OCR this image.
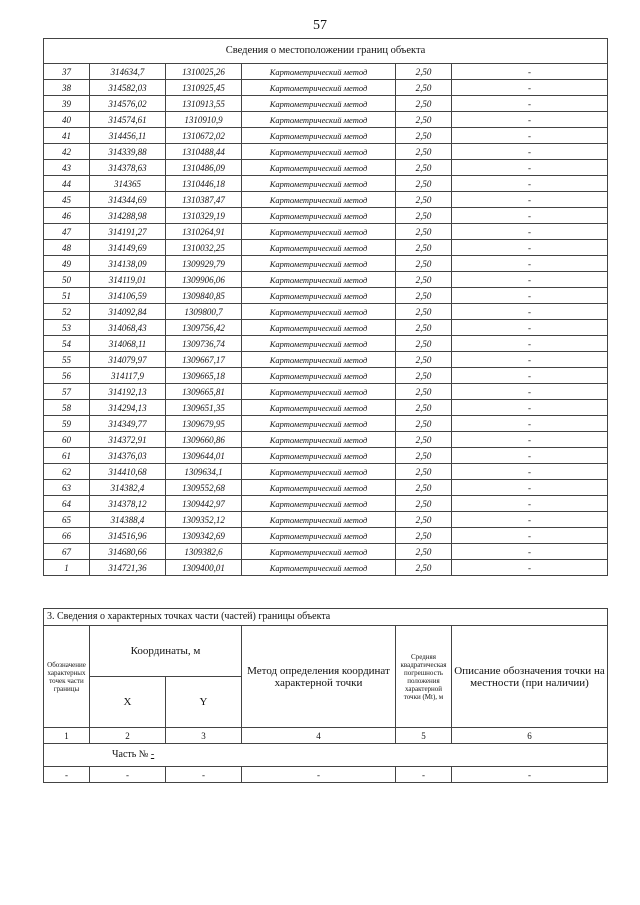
57
Сведения о местоположении границ объекта					
37	314634,7	1310025,26	Картометрический метод	2,50	-
38	314582,03	1310925,45	Картометрический метод	2,50	-
39	314576,02	1310913,55	Картометрический метод	2,50	-
40	314574,61	1310910,9	Картометрический метод	2,50	-
41	314456,11	1310672,02	Картометрический метод	2,50	-
42	314339,88	1310488,44	Картометрический метод	2,50	-
43	314378,63	1310486,09	Картометрический метод	2,50	-
44	314365	1310446,18	Картометрический метод	2,50	-
45	314344,69	1310387,47	Картометрический метод	2,50	-
46	314288,98	1310329,19	Картометрический метод	2,50	-
47	314191,27	1310264,91	Картометрический метод	2,50	-
48	314149,69	1310032,25	Картометрический метод	2,50	-
49	314138,09	1309929,79	Картометрический метод	2,50	-
50	314119,01	1309906,06	Картометрический метод	2,50	-
51	314106,59	1309840,85	Картометрический метод	2,50	-
52	314092,84	1309800,7	Картометрический метод	2,50	-
53	314068,43	1309756,42	Картометрический метод	2,50	-
54	314068,11	1309736,74	Картометрический метод	2,50	-
55	314079,97	1309667,17	Картометрический метод	2,50	-
56	314117,9	1309665,18	Картометрический метод	2,50	-
57	314192,13	1309665,81	Картометрический метод	2,50	-
58	314294,13	1309651,35	Картометрический метод	2,50	-
59	314349,77	1309679,95	Картометрический метод	2,50	-
60	314372,91	1309660,86	Картометрический метод	2,50	-
61	314376,03	1309644,01	Картометрический метод	2,50	-
62	314410,68	1309634,1	Картометрический метод	2,50	-
63	314382,4	1309552,68	Картометрический метод	2,50	-
64	314378,12	1309442,97	Картометрический метод	2,50	-
65	314388,4	1309352,12	Картометрический метод	2,50	-
66	314516,96	1309342,69	Картометрический метод	2,50	-
67	314680,66	1309382,6	Картометрический метод	2,50	-
1	314721,36	1309400,01	Картометрический метод	2,50	-
3. Сведения о характерных точках части (частей) границы объекта					
Обозначение характерных точек части границы	Координаты, м		Метод определения координат характерной точки	Средняя квадратическая погрешность положения характерной точки (Mt), м	Описание обозначения точки на местности (при наличии)
	X	Y			
1	2	3	4	5	6
Часть № -					
-	-	-	-	-	-
